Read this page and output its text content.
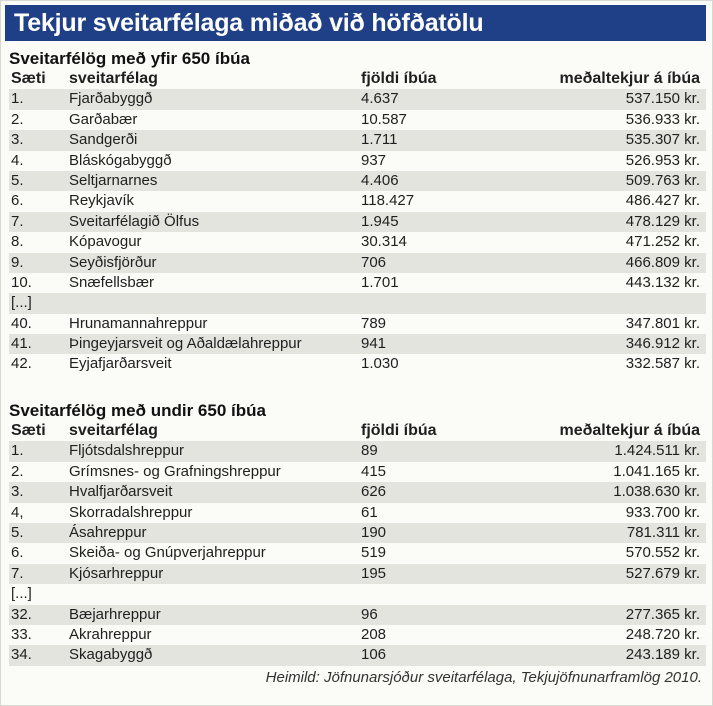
Tekjur sveitarfélaga miðað við höfðatölu
Sveitarfélög með yfir 650 íbúa
Sæti sveitarfélag	fjöldi íbúa	meðaltekjur á íbúa
1.	Fjarðabyggð	4.637	537.150 kr.
2.	Garðabær	10.587	536.933 kr.
3.	Sandgerði	1.711	535.307 kr.
4.	Bláskógabyggð	937	526.953 kr.
5.	Seltjarnarnes	4.406	509.763 kr.
6.	Reykjavík	118.427	486.427 kr.
7.	Sveitarfélagið Ölfus	1.945	478.129 kr.
8.	Kópavogur	30.314	471.252 kr.
9.	Seyðisfjörður	706	466.809 kr.
10. Snæfellsbær	1.701	443.132 kr.
[...]
40. Hrunamannahreppur	789	347.801 kr.
41. Þingeyjarsveit og Aðaldælahreppur	941	346.912 kr.
42. Eyjafjarðarsveit	1.030	332.587 kr.
Sveitarfélög með undir 650 íbúa
Sæti sveitarfélag	fjöldi íbúa	meðaltekjur á íbúa
1.	Fljótsdalshreppur	89	1.424.511 kr.
2.	Grímsnes- og Grafningshreppur	415	1.041.165 kr.
3.	Hvalfjarðarsveit	626	1.038.630 kr.
4,	Skorradalshreppur	61	933.700 kr.
5.	Ásahreppur	190	781.311 kr.
6.	Skeiða- og Gnúpverjahreppur	519	570.552 kr.
7.	Kjósarhreppur	195	527.679 kr.
[...]
32. Bæjarhreppur	96	277.365 kr.
33. Akrahreppur	208	248.720 kr.
34. Skagabyggð	106	243.189 kr.
Heimild: Jöfnunarsjóður sveitarfélaga, Tekjujöfnunarframlög 2010.
